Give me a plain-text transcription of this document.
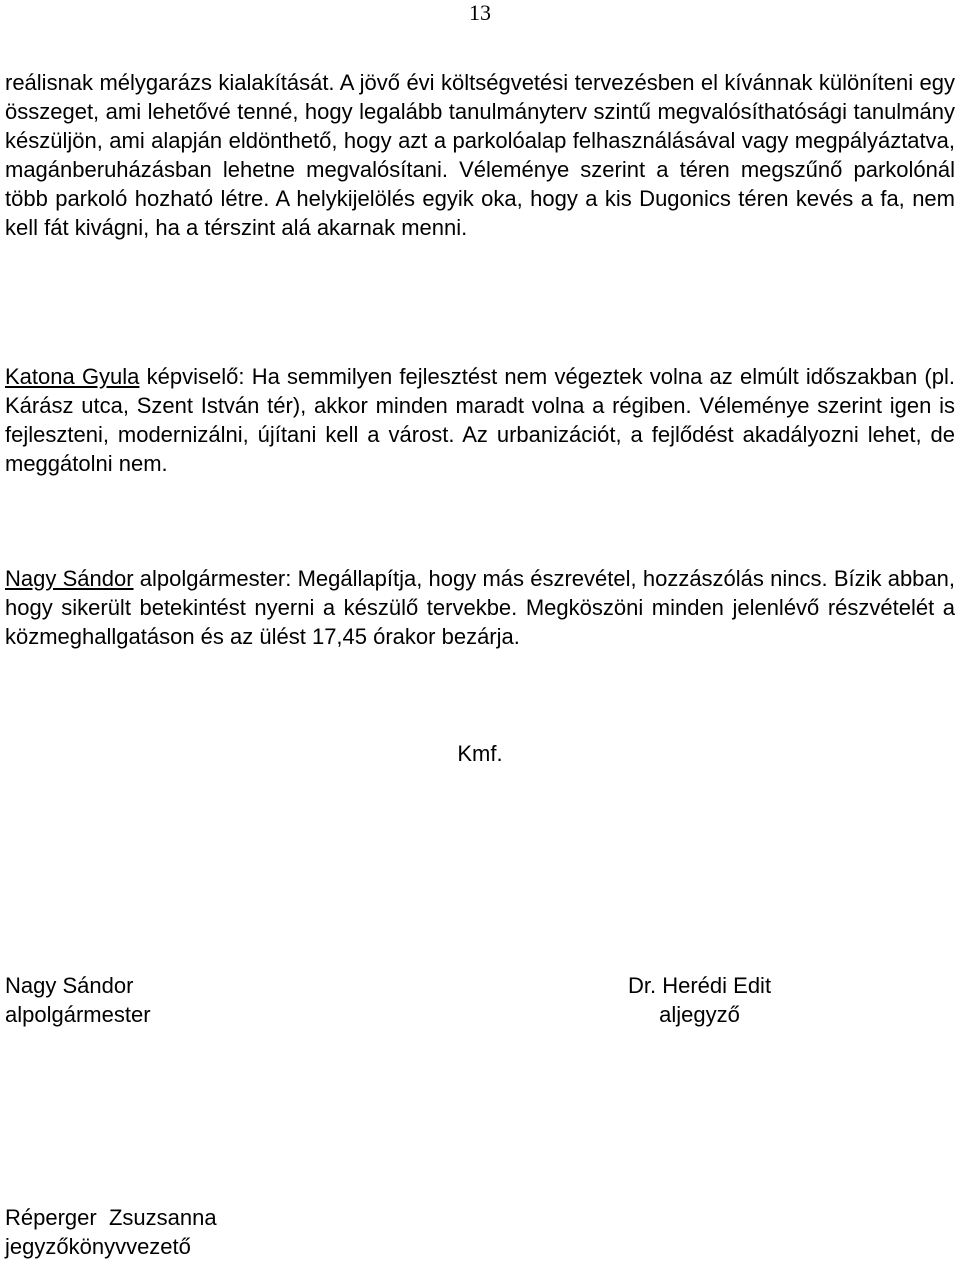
13

reálisnak mélygarázs kialakítását. A jövő évi költségvetési tervezésben el kívánnak különíteni egy összeget, ami lehetővé tenné, hogy legalább tanulmányterv szintű megvalósíthatósági tanulmány készüljön, ami alapján eldönthető, hogy azt a parkolóalap felhasználásával vagy megpályáztatva, magánberuházásban lehetne megvalósítani. Véleménye szerint a téren megszűnő parkolónál több parkoló hozható létre. A helykijelölés egyik oka, hogy a kis Dugonics téren kevés a fa, nem kell fát kivágni, ha a térszint alá akarnak menni.

Katona Gyula képviselő: Ha semmilyen fejlesztést nem végeztek volna az elmúlt időszakban (pl. Kárász utca, Szent István tér), akkor minden maradt volna a régiben. Véleménye szerint igen is fejleszteni, modernizálni, újítani kell a várost. Az urbanizációt, a fejlődést akadályozni lehet, de meggátolni nem.

Nagy Sándor alpolgármester: Megállapítja, hogy más észrevétel, hozzászólás nincs. Bízik abban, hogy sikerült betekintést nyerni a készülő tervekbe. Megköszöni minden jelenlévő részvételét a közmeghallgatáson és az ülést 17,45 órakor bezárja.

Kmf.
Nagy Sándor
alpolgármester
Dr. Herédi Edit
aljegyző
Réperger  Zsuzsanna
jegyzőkönyvvezető
